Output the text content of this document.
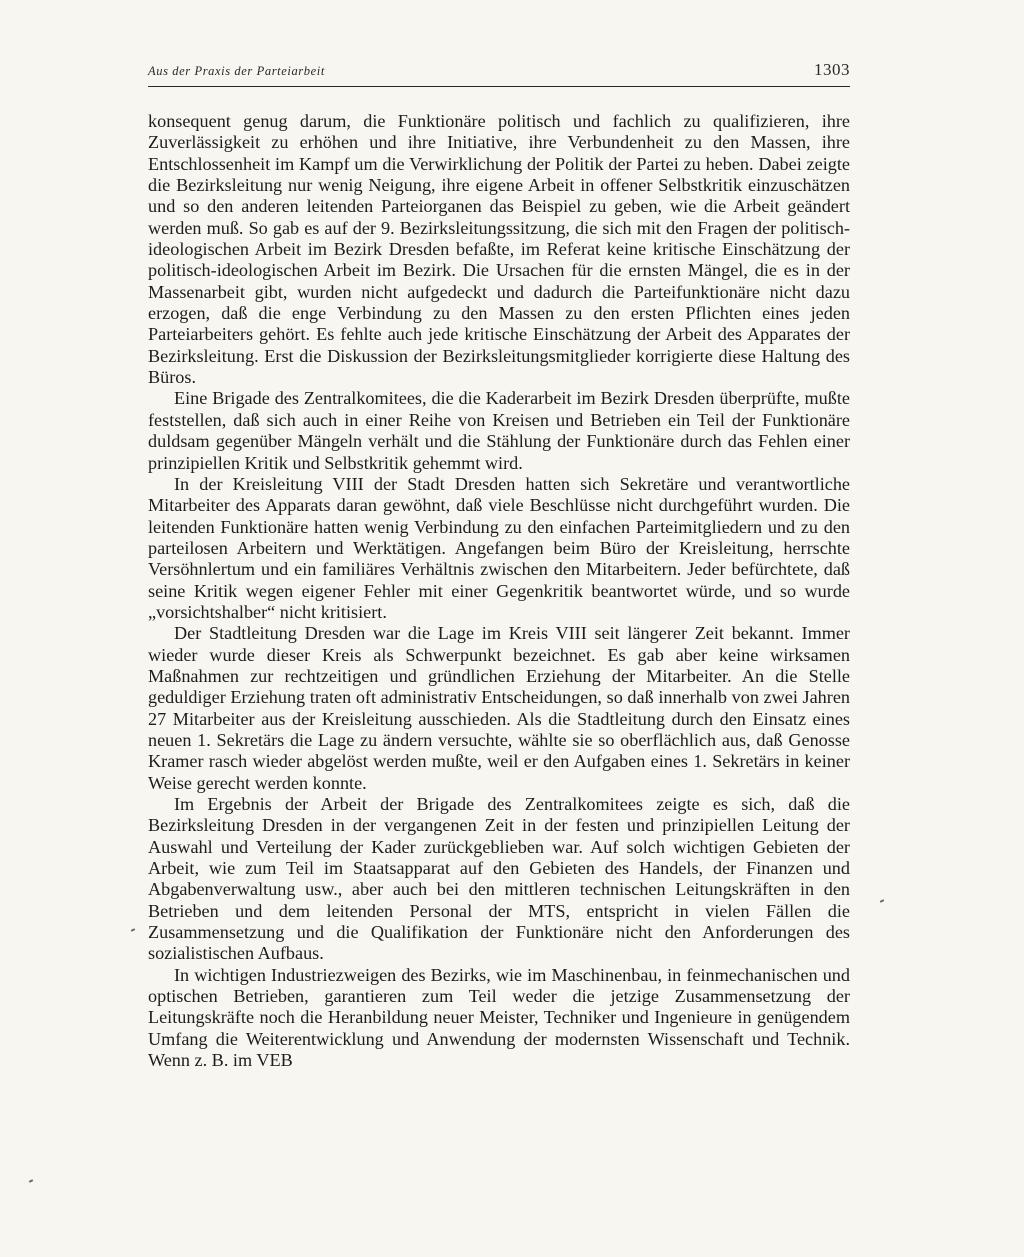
Aus der Praxis der Parteiarbeit	1303

konsequent genug darum, die Funktionäre politisch und fachlich zu qualifizieren, ihre Zuverlässigkeit zu erhöhen und ihre Initiative, ihre Verbundenheit zu den Massen, ihre Entschlossenheit im Kampf um die Verwirklichung der Politik der Partei zu heben. Dabei zeigte die Bezirksleitung nur wenig Neigung, ihre eigene Arbeit in offener Selbstkritik einzuschätzen und so den anderen leitenden Parteiorganen das Beispiel zu geben, wie die Arbeit geändert werden muß. So gab es auf der 9. Bezirksleitungssitzung, die sich mit den Fragen der politisch-ideologischen Arbeit im Bezirk Dresden befaßte, im Referat keine kritische Einschätzung der politisch-ideologischen Arbeit im Bezirk. Die Ursachen für die ernsten Mängel, die es in der Massenarbeit gibt, wurden nicht aufgedeckt und dadurch die Parteifunktionäre nicht dazu erzogen, daß die enge Verbindung zu den Massen zu den ersten Pflichten eines jeden Parteiarbeiters gehört. Es fehlte auch jede kritische Einschätzung der Arbeit des Apparates der Bezirksleitung. Erst die Diskussion der Bezirksleitungsmitglieder korrigierte diese Haltung des Büros.

Eine Brigade des Zentralkomitees, die die Kaderarbeit im Bezirk Dresden überprüfte, mußte feststellen, daß sich auch in einer Reihe von Kreisen und Betrieben ein Teil der Funktionäre duldsam gegenüber Mängeln verhält und die Stählung der Funktionäre durch das Fehlen einer prinzipiellen Kritik und Selbstkritik gehemmt wird.

In der Kreisleitung VIII der Stadt Dresden hatten sich Sekretäre und verantwortliche Mitarbeiter des Apparats daran gewöhnt, daß viele Beschlüsse nicht durchgeführt wurden. Die leitenden Funktionäre hatten wenig Verbindung zu den einfachen Parteimitgliedern und zu den parteilosen Arbeitern und Werktätigen. Angefangen beim Büro der Kreisleitung, herrschte Versöhnlertum und ein familiäres Verhältnis zwischen den Mitarbeitern. Jeder befürchtete, daß seine Kritik wegen eigener Fehler mit einer Gegenkritik beantwortet würde, und so wurde „vorsichtshalber“ nicht kritisiert.

Der Stadtleitung Dresden war die Lage im Kreis VIII seit längerer Zeit bekannt. Immer wieder wurde dieser Kreis als Schwerpunkt bezeichnet. Es gab aber keine wirksamen Maßnahmen zur rechtzeitigen und gründlichen Erziehung der Mitarbeiter. An die Stelle geduldiger Erziehung traten oft administrativ Entscheidungen, so daß innerhalb von zwei Jahren 27 Mitarbeiter aus der Kreisleitung ausschieden. Als die Stadtleitung durch den Einsatz eines neuen 1. Sekretärs die Lage zu ändern versuchte, wählte sie so oberflächlich aus, daß Genosse Kramer rasch wieder abgelöst werden mußte, weil er den Aufgaben eines 1. Sekretärs in keiner Weise gerecht werden konnte.

Im Ergebnis der Arbeit der Brigade des Zentralkomitees zeigte es sich, daß die Bezirksleitung Dresden in der vergangenen Zeit in der festen und prinzipiellen Leitung der Auswahl und Verteilung der Kader zurückgeblieben war. Auf solch wichtigen Gebieten der Arbeit, wie zum Teil im Staatsapparat auf den Gebieten des Handels, der Finanzen und Abgabenverwaltung usw., aber auch bei den mittleren technischen Leitungskräften in den Betrieben und dem leitenden Personal der MTS, entspricht in vielen Fällen die Zusammensetzung und die Qualifikation der Funktionäre nicht den Anforderungen des sozialistischen Aufbaus.

In wichtigen Industriezweigen des Bezirks, wie im Maschinenbau, in feinmechanischen und optischen Betrieben, garantieren zum Teil weder die jetzige Zusammensetzung der Leitungskräfte noch die Heranbildung neuer Meister, Techniker und Ingenieure in genügendem Umfang die Weiterentwicklung und Anwendung der modernsten Wissenschaft und Technik. Wenn z. B. im VEB
